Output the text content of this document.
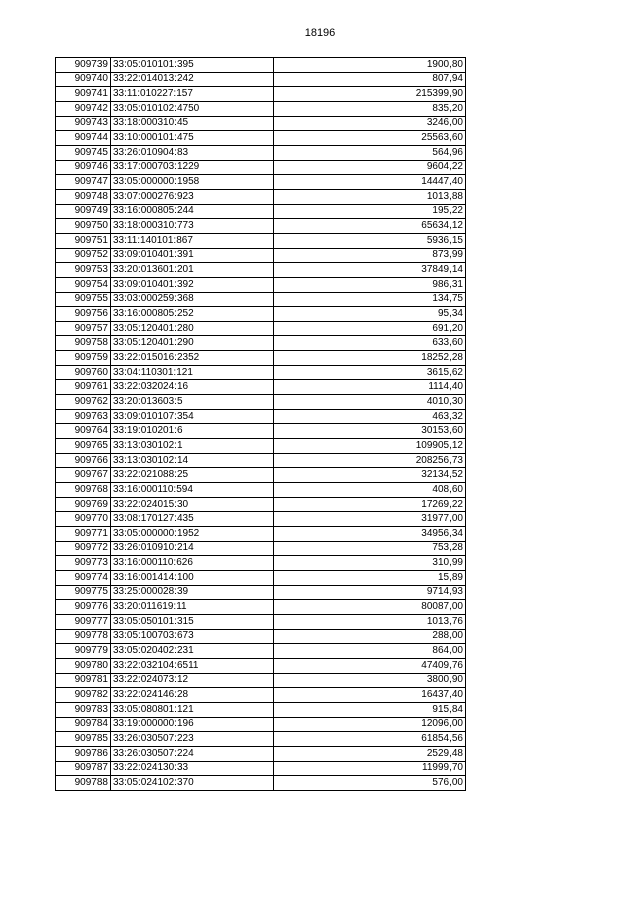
18196
909739	33:05:010101:395	1900,80
909740	33:22:014013:242	807,94
909741	33:11:010227:157	215399,90
909742	33:05:010102:4750	835,20
909743	33:18:000310:45	3246,00
909744	33:10:000101:475	25563,60
909745	33:26:010904:83	564,96
909746	33:17:000703:1229	9604,22
909747	33:05:000000:1958	14447,40
909748	33:07:000276:923	1013,88
909749	33:16:000805:244	195,22
909750	33:18:000310:773	65634,12
909751	33:11:140101:867	5936,15
909752	33:09:010401:391	873,99
909753	33:20:013601:201	37849,14
909754	33:09:010401:392	986,31
909755	33:03:000259:368	134,75
909756	33:16:000805:252	95,34
909757	33:05:120401:280	691,20
909758	33:05:120401:290	633,60
909759	33:22:015016:2352	18252,28
909760	33:04:110301:121	3615,62
909761	33:22:032024:16	1114,40
909762	33:20:013603:5	4010,30
909763	33:09:010107:354	463,32
909764	33:19:010201:6	30153,60
909765	33:13:030102:1	109905,12
909766	33:13:030102:14	208256,73
909767	33:22:021088:25	32134,52
909768	33:16:000110:594	408,60
909769	33:22:024015:30	17269,22
909770	33:08:170127:435	31977,00
909771	33:05:000000:1952	34956,34
909772	33:26:010910:214	753,28
909773	33:16:000110:626	310,99
909774	33:16:001414:100	15,89
909775	33:25:000028:39	9714,93
909776	33:20:011619:11	80087,00
909777	33:05:050101:315	1013,76
909778	33:05:100703:673	288,00
909779	33:05:020402:231	864,00
909780	33:22:032104:6511	47409,76
909781	33:22:024073:12	3800,90
909782	33:22:024146:28	16437,40
909783	33:05:080801:121	915,84
909784	33:19:000000:196	12096,00
909785	33:26:030507:223	61854,56
909786	33:26:030507:224	2529,48
909787	33:22:024130:33	11999,70
909788	33:05:024102:370	576,00
